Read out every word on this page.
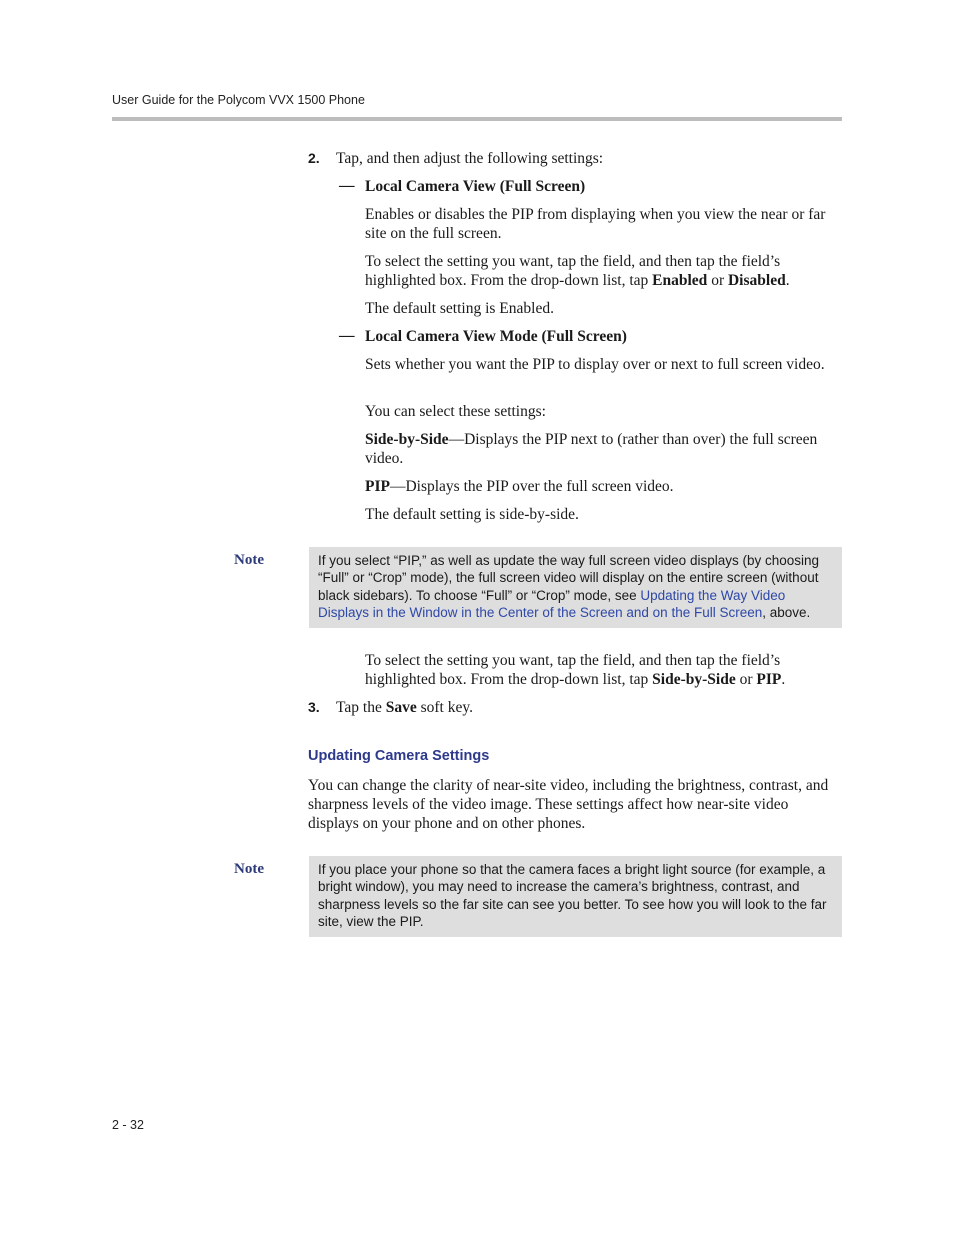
User Guide for the Polycom VVX 1500 Phone
2. Tap, and then adjust the following settings:
— Local Camera View (Full Screen)
Enables or disables the PIP from displaying when you view the near or far site on the full screen.
To select the setting you want, tap the field, and then tap the field’s highlighted box. From the drop-down list, tap Enabled or Disabled.
The default setting is Enabled.
— Local Camera View Mode (Full Screen)
Sets whether you want the PIP to display over or next to full screen video.
You can select these settings:
Side-by-Side—Displays the PIP next to (rather than over) the full screen video.
PIP—Displays the PIP over the full screen video.
The default setting is side-by-side.
Note	If you select “PIP,” as well as update the way full screen video displays (by choosing “Full” or “Crop” mode), the full screen video will display on the entire screen (without black sidebars). To choose “Full” or “Crop” mode, see Updating the Way Video Displays in the Window in the Center of the Screen and on the Full Screen, above.
To select the setting you want, tap the field, and then tap the field’s highlighted box. From the drop-down list, tap Side-by-Side or PIP.
3. Tap the Save soft key.
Updating Camera Settings
You can change the clarity of near-site video, including the brightness, contrast, and sharpness levels of the video image. These settings affect how near-site video displays on your phone and on other phones.
Note	If you place your phone so that the camera faces a bright light source (for example, a bright window), you may need to increase the camera’s brightness, contrast, and sharpness levels so the far site can see you better. To see how you will look to the far site, view the PIP.
2 - 32
